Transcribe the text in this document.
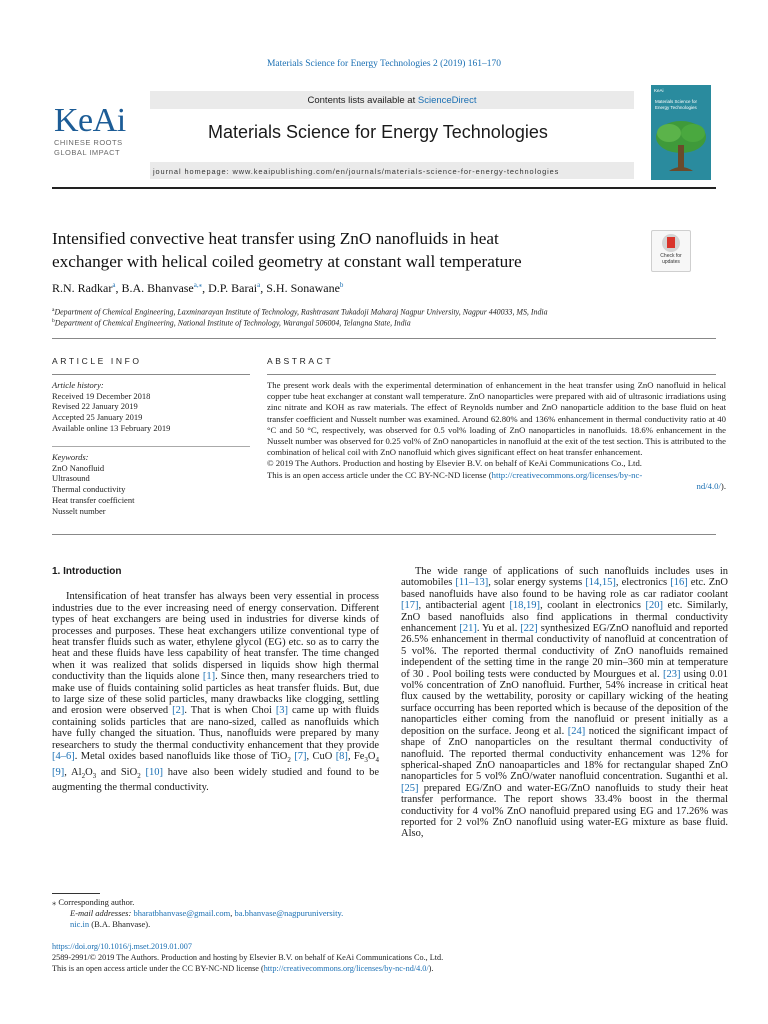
Materials Science for Energy Technologies 2 (2019) 161–170
KeAi
CHINESE ROOTS
GLOBAL IMPACT
Contents lists available at ScienceDirect
Materials Science for Energy Technologies
journal homepage: www.keaipublishing.com/en/journals/materials-science-for-energy-technologies
KeAi
Materials Science for Energy Technologies
Intensified convective heat transfer using ZnO nanofluids in heat
exchanger with helical coiled geometry at constant wall temperature	Check for
updates
R.N. Radkar$^a$, B.A. Bhanvase$^{a,⁎}$, D.P. Barai$^a$, S.H. Sonawane$^b$
$^a$Department of Chemical Engineering, Laxminarayan Institute of Technology, Rashtrasant Tukadoji Maharaj Nagpur University, Nagpur 440033, MS, India
$^b$Department of Chemical Engineering, National Institute of Technology, Warangal 506004, Telangna State, India
ARTICLE INFO	ABSTRACT
Article history:
Received 19 December 2018
Revised 22 January 2019
Accepted 25 January 2019
Available online 13 February 2019
Keywords:
ZnO Nanofluid
Ultrasound
Thermal conductivity
Heat transfer coefficient
Nusselt number
The present work deals with the experimental determination of enhancement in the heat transfer using ZnO nanofluid in helical copper tube heat exchanger at constant wall temperature. ZnO nanoparticles were prepared with aid of ultrasonic irradiations using zinc nitrate and KOH as raw materials. The effect of Reynolds number and ZnO nanoparticle addition to the base fluid on heat transfer coefficient and Nusselt number was examined. Around 62.80% and 136% enhancement in thermal conductivity ratio at 40 °C and 50 °C, respectively, was observed for 0.5 vol% loading of ZnO nanoparticles in nanofluids. 18.6% enhancement in the Nusselt number was observed for 0.25 vol% of ZnO nanoparticles in nanofluid at the exit of the test section. This is attributed to the combination of helical coil with ZnO nanofluid which gives significant effect on heat transfer enhancement.
© 2019 The Authors. Production and hosting by Elsevier B.V. on behalf of KeAi Communications Co., Ltd.
This is an open access article under the CC BY-NC-ND license (http://creativecommons.org/licenses/by-nc-
nd/4.0/).
1. Introduction

Intensification of heat transfer has always been very essential in process industries due to the ever increasing need of energy conservation. Different types of heat exchangers are being used in industries for diverse kinds of processes and purposes. These heat exchangers utilize conventional type of heat transfer fluids such as water, ethylene glycol (EG) etc. so as to carry the heat and these fluids have less capability of heat transfer. The time changed when it was realized that solids dispersed in liquids show high thermal conductivity than the liquids alone [1]. Since then, many researchers tried to make use of fluids containing solid particles as heat transfer fluids. But, due to large size of these solid particles, many drawbacks like clogging, settling and erosion were observed [2]. That is when Choi [3] came up with fluids containing solids particles that are nano-sized, called as nanofluids which have fully changed the situation. Thus, nanofluids were prepared by many researchers to study the thermal conductivity enhancement that they provide [4–6]. Metal oxides based nanofluids like those of TiO$_2$ [7], CuO [8], $Fe_3O_4$ [9], $Al_2O_3$ and SiO$_2$ [10] have also been widely studied and found to be augmenting the thermal conductivity.

The wide range of applications of such nanofluids includes uses in automobiles [11–13], solar energy systems [14,15], electronics [16] etc. ZnO based nanofluids have also found to be having role as car radiator coolant [17], antibacterial agent [18,19], coolant in electronics [20] etc. Similarly, ZnO based nanofluids also find applications in thermal conductivity enhancement [21]. Yu et al. [22] synthesized EG/ZnO nanofluid and reported 26.5% enhancement in thermal conductivity of nanofluid at concentration of 5 vol%. The reported thermal conductivity of ZnO nanofluids remained independent of the setting time in the range 20 min–360 min at temperature of 30 . Pool boiling tests were conducted by Mourgues et al. [23] using 0.01 vol% concentration of ZnO nanofluid. Further, 54% increase in critical heat flux caused by the wettability, porosity or capillary wicking of the heating surface occurring has been reported which is because of the deposition of the nanoparticles either coming from the nanofluid or present initially as a deposition on the surface. Jeong et al. [24] noticed the significant impact of shape of ZnO nanoparticles on the resultant thermal conductivity of nanofluid. The reported thermal conductivity enhancement was 12% for spherical-shaped ZnO nanoaparticles and 18% for rectangular shaped ZnO nanoparticles for 5 vol% ZnO/water nanofluid concentration. Suganthi et al. [25] prepared EG/ZnO and water-EG/ZnO nanofluids to study their heat transfer performance. The report shows 33.4% boost in the thermal conductivity for 4 vol% ZnO nanofluid prepared using EG and 17.26% was reported for 2 vol% ZnO nanofluid using water-EG mixture as base fluid. Also,

⁎ Corresponding author.
E-mail addresses: bharatbhanvase@gmail.com, ba.bhanvase@nagpuruniversity.
nic.in (B.A. Bhanvase).
https://doi.org/10.1016/j.mset.2019.01.007
2589-2991/© 2019 The Authors. Production and hosting by Elsevier B.V. on behalf of KeAi Communications Co., Ltd.
This is an open access article under the CC BY-NC-ND license (http://creativecommons.org/licenses/by-nc-nd/4.0/).
